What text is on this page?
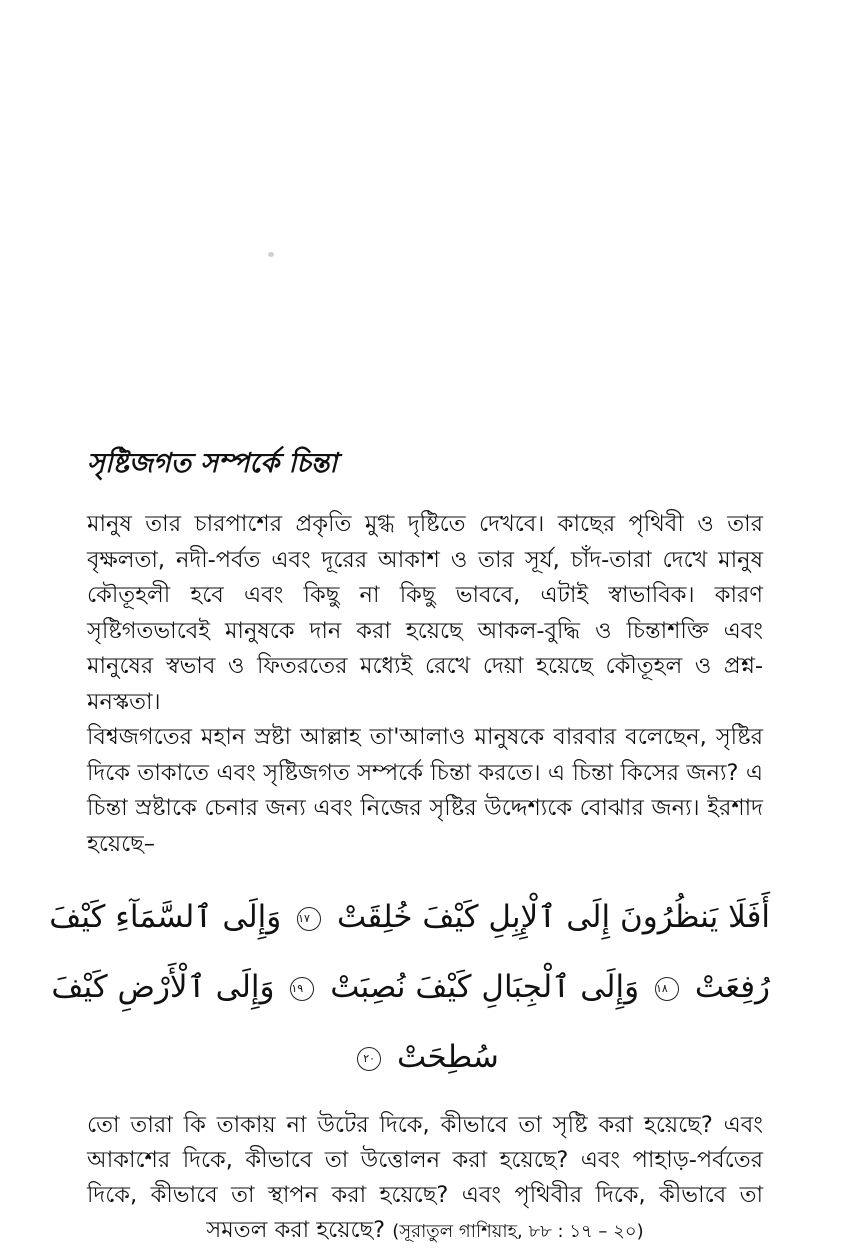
সৃষ্টিজগত সম্পর্কে চিন্তা

মানুষ তার চারপাশের প্রকৃতি মুগ্ধ দৃষ্টিতে দেখবে। কাছের পৃথিবী ও তার বৃক্ষলতা, নদী-পর্বত এবং দূরের আকাশ ও তার সূর্য, চাঁদ-তারা দেখে মানুষ কৌতূহলী হবে এবং কিছু না কিছু ভাববে, এটাই স্বাভাবিক। কারণ সৃষ্টিগতভাবেই মানুষকে দান করা হয়েছে আকল-বুদ্ধি ও চিন্তাশক্তি এবং মানুষের স্বভাব ও ফিতরতের মধ্যেই রেখে দেয়া হয়েছে কৌতূহল ও প্রশ্ন-মনস্কতা।

বিশ্বজগতের মহান স্রষ্টা আল্লাহ তা'আলাও মানুষকে বারবার বলেছেন, সৃষ্টির দিকে তাকাতে এবং সৃষ্টিজগত সম্পর্কে চিন্তা করতে। এ চিন্তা কিসের জন্য? এ চিন্তা স্রষ্টাকে চেনার জন্য এবং নিজের সৃষ্টির উদ্দেশ্যকে বোঝার জন্য। ইরশাদ হয়েছে–

أَفَلَا يَنظُرُونَ إِلَى ٱلْإِبِلِ كَيْفَ خُلِقَتْ ١٧ وَإِلَى ٱلسَّمَآءِ كَيْفَ
رُفِعَتْ ١٨ وَإِلَى ٱلْجِبَالِ كَيْفَ نُصِبَتْ ١٩ وَإِلَى ٱلْأَرْضِ كَيْفَ
سُطِحَتْ ٢٠

তো তারা কি তাকায় না উটের দিকে, কীভাবে তা সৃষ্টি করা হয়েছে? এবং আকাশের দিকে, কীভাবে তা উত্তোলন করা হয়েছে? এবং পাহাড়-পর্বতের দিকে, কীভাবে তা স্থাপন করা হয়েছে? এবং পৃথিবীর দিকে, কীভাবে তা সমতল করা হয়েছে? (সূরাতুল গাশিয়াহ, ৮৮ : ১৭ – ২০)
